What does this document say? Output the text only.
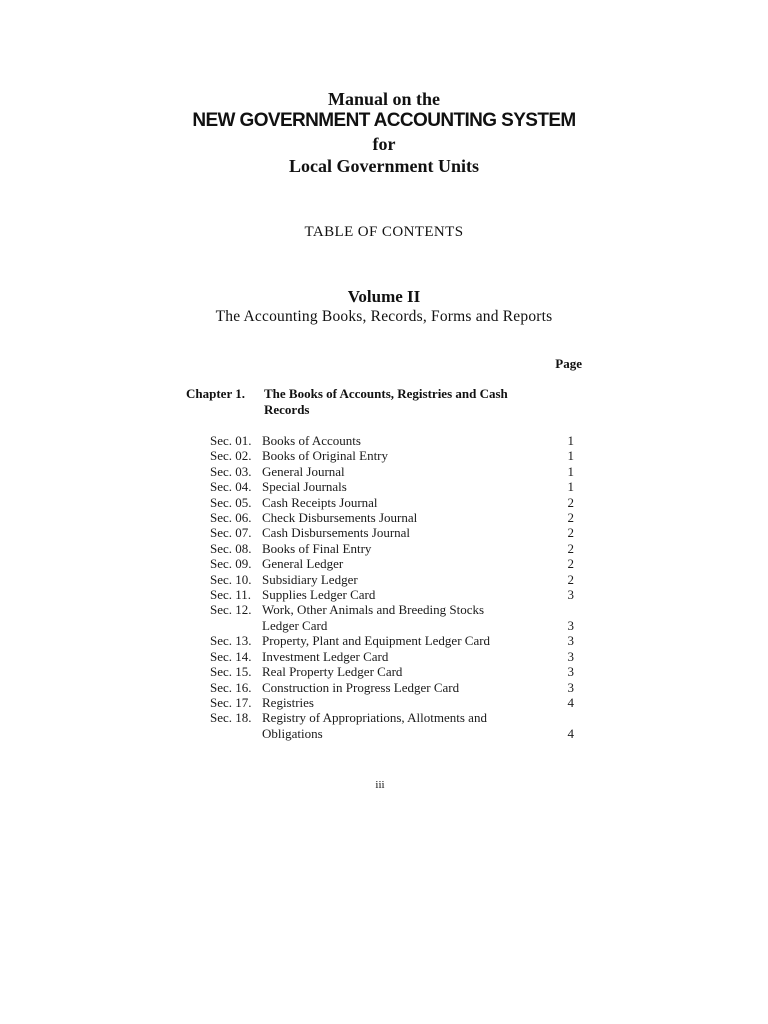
Manual on the
NEW GOVERNMENT ACCOUNTING SYSTEM
for
Local Government Units
TABLE OF CONTENTS
Volume II
The Accounting Books, Records, Forms and Reports
Page
Chapter 1. The Books of Accounts, Registries and Cash Records
Sec. 01. Books of Accounts	1
Sec. 02. Books of Original Entry	1
Sec. 03. General Journal	1
Sec. 04. Special Journals	1
Sec. 05. Cash Receipts Journal	2
Sec. 06. Check Disbursements Journal	2
Sec. 07. Cash Disbursements Journal	2
Sec. 08. Books of Final Entry	2
Sec. 09. General Ledger	2
Sec. 10. Subsidiary Ledger	2
Sec. 11. Supplies Ledger Card	3
Sec. 12. Work, Other Animals and Breeding Stocks
Ledger Card	3
Sec. 13. Property, Plant and Equipment Ledger Card	3
Sec. 14. Investment Ledger Card	3
Sec. 15. Real Property Ledger Card	3
Sec. 16. Construction in Progress Ledger Card	3
Sec. 17. Registries	4
Sec. 18. Registry of Appropriations, Allotments and
Obligations	4
iii
